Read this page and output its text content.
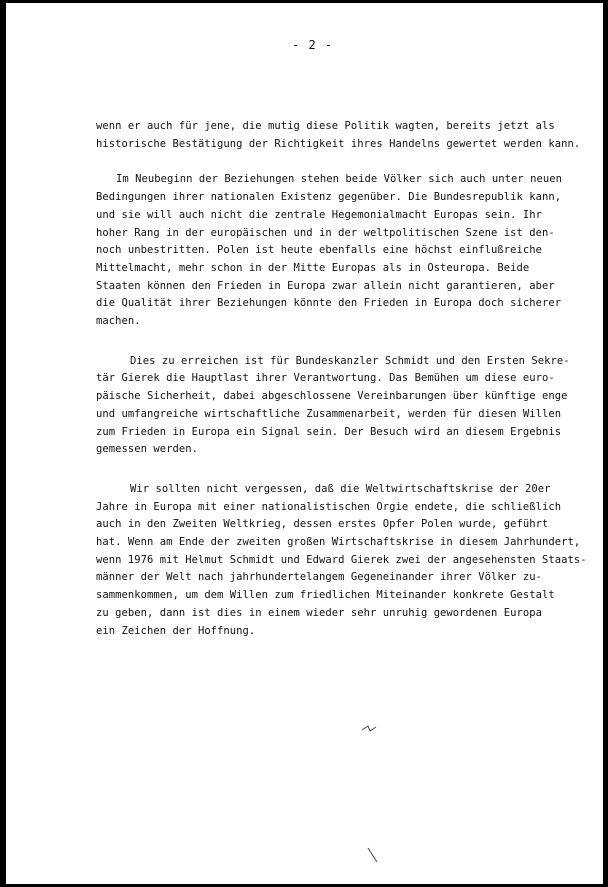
- 2 -
wenn er auch für jene, die mutig diese Politik wagten, bereits jetzt als
historische Bestätigung der Richtigkeit ihres Handelns gewertet werden kann.
Im Neubeginn der Beziehungen stehen beide Völker sich auch unter neuen
Bedingungen ihrer nationalen Existenz gegenüber. Die Bundesrepublik kann,
und sie will auch nicht die zentrale Hegemonialmacht Europas sein. Ihr
hoher Rang in der europäischen und in der weltpolitischen Szene ist den-
noch unbestritten. Polen ist heute ebenfalls eine höchst einflußreiche
Mittelmacht, mehr schon in der Mitte Europas als in Osteuropa. Beide
Staaten können den Frieden in Europa zwar allein nicht garantieren, aber
die Qualität ihrer Beziehungen könnte den Frieden in Europa doch sicherer
machen.
Dies zu erreichen ist für Bundeskanzler Schmidt und den Ersten Sekre-
tär Gierek die Hauptlast ihrer Verantwortung. Das Bemühen um diese euro-
päische Sicherheit, dabei abgeschlossene Vereinbarungen über künftige enge
und umfangreiche wirtschaftliche Zusammenarbeit, werden für diesen Willen
zum Frieden in Europa ein Signal sein. Der Besuch wird an diesem Ergebnis
gemessen werden.
Wir sollten nicht vergessen, daß die Weltwirtschaftskrise der 20er
Jahre in Europa mit einer nationalistischen Orgie endete, die schließlich
auch in den Zweiten Weltkrieg, dessen erstes Opfer Polen wurde, geführt
hat. Wenn am Ende der zweiten großen Wirtschaftskrise in diesem Jahrhundert,
wenn 1976 mit Helmut Schmidt und Edward Gierek zwei der angesehensten Staats-
männer der Welt nach jahrhundertelangem Gegeneinander ihrer Völker zu-
sammenkommen, um dem Willen zum friedlichen Miteinander konkrete Gestalt
zu geben, dann ist dies in einem wieder sehr unruhig gewordenen Europa
ein Zeichen der Hoffnung.
